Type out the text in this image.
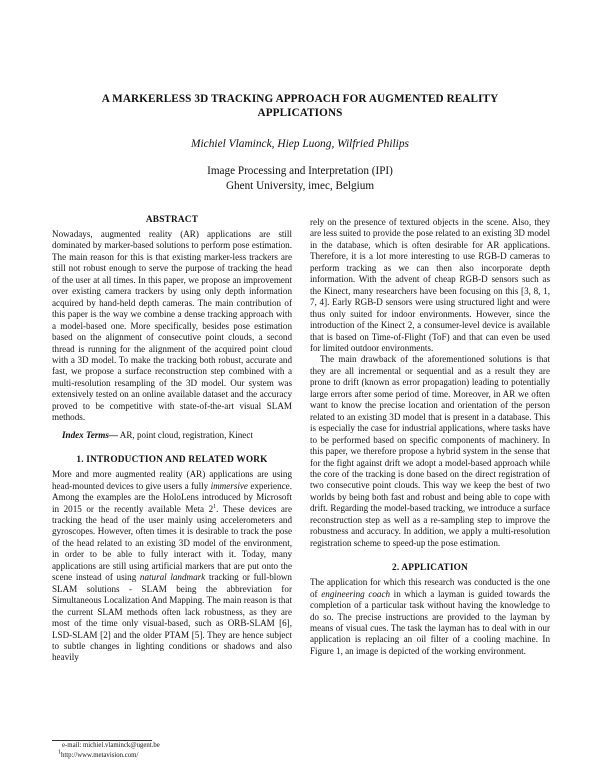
A MARKERLESS 3D TRACKING APPROACH FOR AUGMENTED REALITY APPLICATIONS
Michiel Vlaminck, Hiep Luong, Wilfried Philips
Image Processing and Interpretation (IPI)
Ghent University, imec, Belgium
ABSTRACT

Nowadays, augmented reality (AR) applications are still dominated by marker-based solutions to perform pose estimation. The main reason for this is that existing marker-less trackers are still not robust enough to serve the purpose of tracking the head of the user at all times. In this paper, we propose an improvement over existing camera trackers by using only depth information acquired by hand-held depth cameras. The main contribution of this paper is the way we combine a dense tracking approach with a model-based one. More specifically, besides pose estimation based on the alignment of consecutive point clouds, a second thread is running for the alignment of the acquired point cloud with a 3D model. To make the tracking both robust, accurate and fast, we propose a surface reconstruction step combined with a multi-resolution resampling of the 3D model. Our system was extensively tested on an online available dataset and the accuracy proved to be competitive with state-of-the-art visual SLAM methods.

Index Terms— AR, point cloud, registration, Kinect

1. INTRODUCTION AND RELATED WORK

More and more augmented reality (AR) applications are using head-mounted devices to give users a fully immersive experience. Among the examples are the HoloLens introduced by Microsoft in 2015 or the recently available Meta $2^1$. These devices are tracking the head of the user mainly using accelerometers and gyroscopes. However, often times it is desirable to track the pose of the head related to an existing 3D model of the environment, in order to be able to fully interact with it. Today, many applications are still using artificial markers that are put onto the scene instead of using natural landmark tracking or full-blown SLAM solutions - SLAM being the abbreviation for Simultaneous Localization And Mapping. The main reason is that the current SLAM methods often lack robustness, as they are most of the time only visual-based, such as ORB-SLAM [6], LSD-SLAM [2] and the older PTAM [5]. They are hence subject to subtle changes in lighting conditions or shadows and also heavily

rely on the presence of textured objects in the scene. Also, they are less suited to provide the pose related to an existing 3D model in the database, which is often desirable for AR applications. Therefore, it is a lot more interesting to use RGB-D cameras to perform tracking as we can then also incorporate depth information. With the advent of cheap RGB-D sensors such as the Kinect, many researchers have been focusing on this [3, 8, 1, 7, 4]. Early RGB-D sensors were using structured light and were thus only suited for indoor environments. However, since the introduction of the Kinect 2, a consumer-level device is available that is based on Time-of-Flight (ToF) and that can even be used for limited outdoor environments.

The main drawback of the aforementioned solutions is that they are all incremental or sequential and as a result they are prone to drift (known as error propagation) leading to potentially large errors after some period of time. Moreover, in AR we often want to know the precise location and orientation of the person related to an existing 3D model that is present in a database. This is especially the case for industrial applications, where tasks have to be performed based on specific components of machinery. In this paper, we therefore propose a hybrid system in the sense that for the fight against drift we adopt a model-based approach while the core of the tracking is done based on the direct registration of two consecutive point clouds. This way we keep the best of two worlds by being both fast and robust and being able to cope with drift. Regarding the model-based tracking, we introduce a surface reconstruction step as well as a re-sampling step to improve the robustness and accuracy. In addition, we apply a multi-resolution registration scheme to speed-up the pose estimation.

2. APPLICATION

The application for which this research was conducted is the one of engineering coach in which a layman is guided towards the completion of a particular task without having the knowledge to do so. The precise instructions are provided to the layman by means of visual cues. The task the layman has to deal with in our application is replacing an oil filter of a cooling machine. In Figure 1, an image is depicted of the working environment.

e-mail: michiel.vlaminck@ugent.be
$^1$http://www.metavision.com/
